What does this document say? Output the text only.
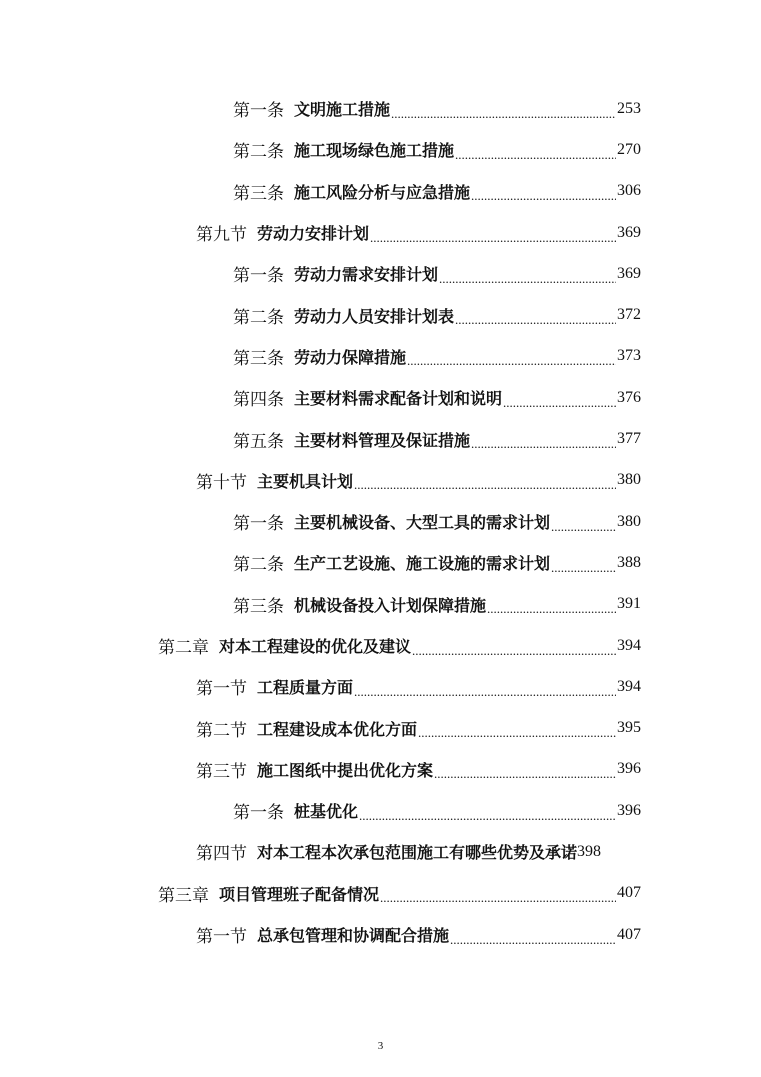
第一条 文明施工措施 .....	253
第二条 施工现场绿色施工措施 .....	270
第三条 施工风险分析与应急措施 .....	306
第九节 劳动力安排计划 .....	369
第一条 劳动力需求安排计划 .....	369
第二条 劳动力人员安排计划表 .....	372
第三条 劳动力保障措施 .....	373
第四条 主要材料需求配备计划和说明 .....	376
第五条 主要材料管理及保证措施 .....	377
第十节 主要机具计划 .....	380
第一条 主要机械设备、大型工具的需求计划 .....	380
第二条 生产工艺设施、施工设施的需求计划 .....	388
第三条 机械设备投入计划保障措施 .....	391
第二章 对本工程建设的优化及建议 .....	394
第一节 工程质量方面 .....	394
第二节 工程建设成本优化方面 .....	395
第三节 施工图纸中提出优化方案 .....	396
第一条 桩基优化 .....	396
第四节 对本工程本次承包范围施工有哪些优势及承诺 398
第三章 项目管理班子配备情况 .....	407
第一节 总承包管理和协调配合措施 .....	407
3
